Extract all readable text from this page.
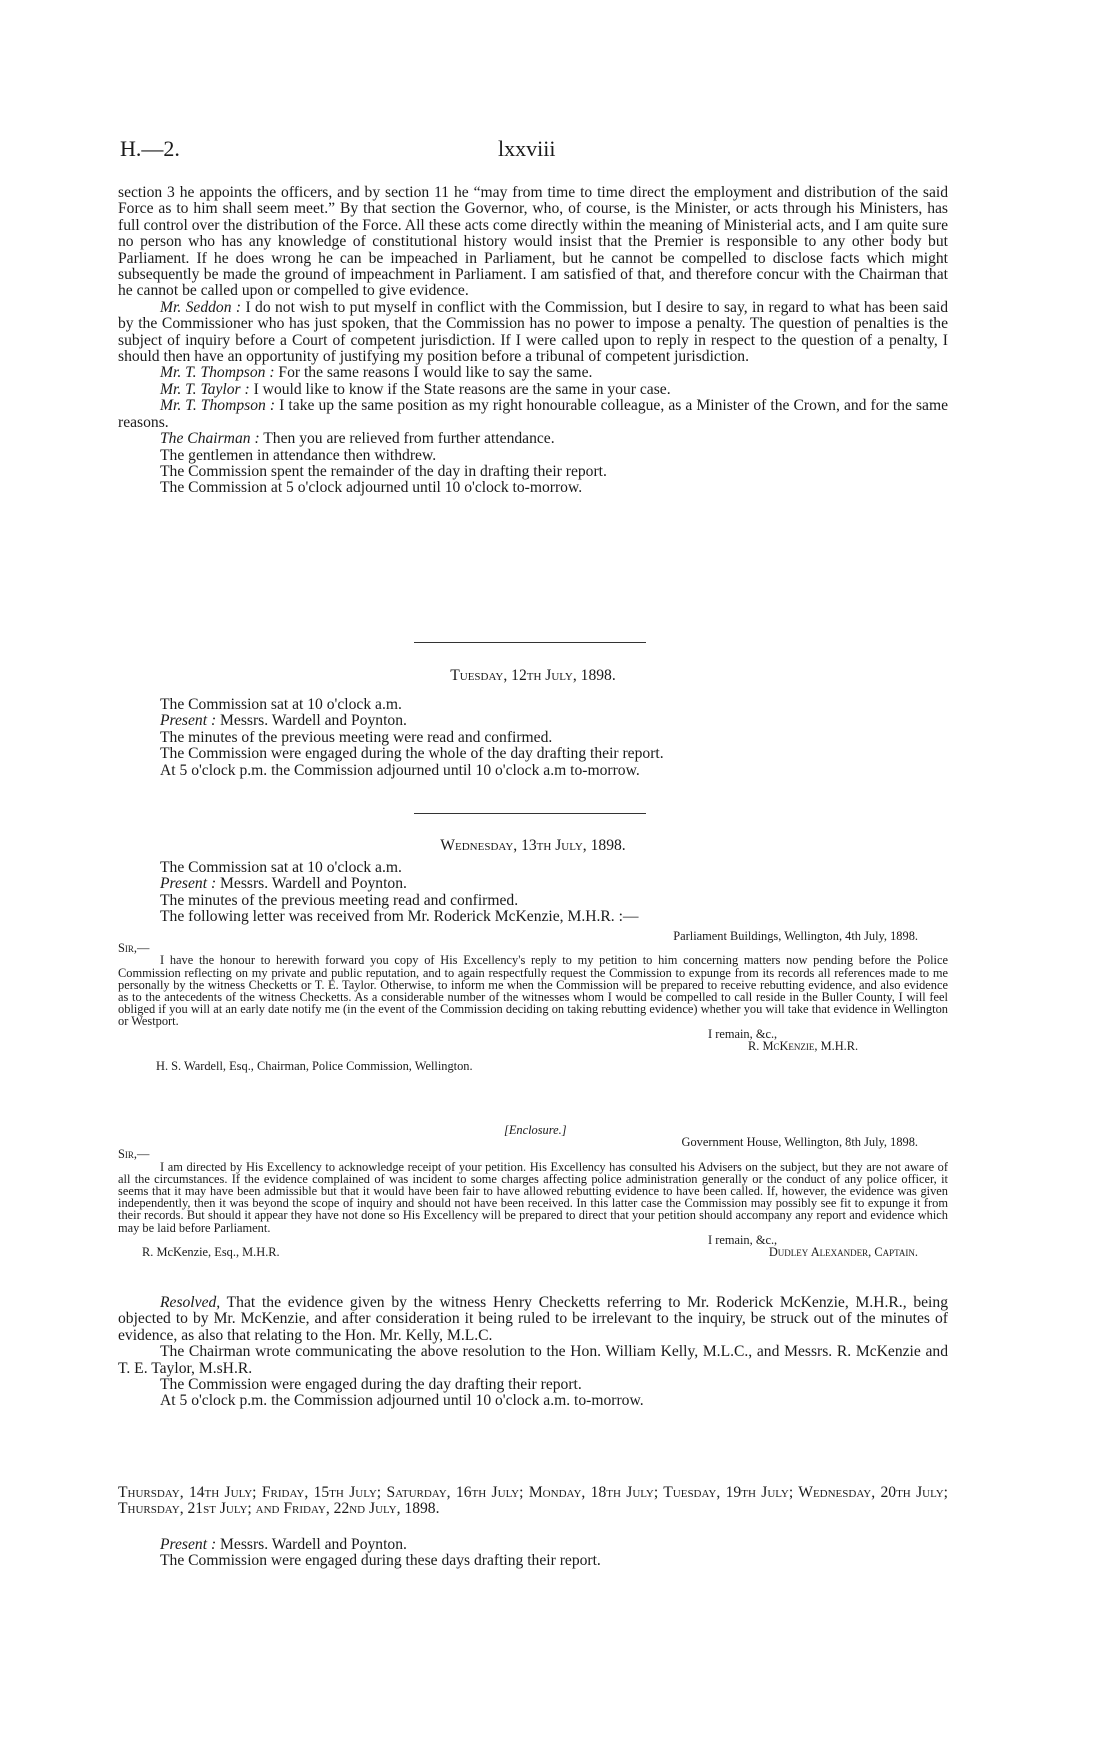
H.—2.	lxxviii

section 3 he appoints the officers, and by section 11 he “may from time to time direct the employment and distribution of the said Force as to him shall seem meet.” By that section the Governor, who, of course, is the Minister, or acts through his Ministers, has full control over the distribution of the Force. All these acts come directly within the meaning of Ministerial acts, and I am quite sure no person who has any knowledge of constitutional history would insist that the Premier is responsible to any other body but Parliament. If he does wrong he can be impeached in Parliament, but he cannot be compelled to disclose facts which might subsequently be made the ground of impeachment in Parliament. I am satisfied of that, and therefore concur with the Chairman that he cannot be called upon or compelled to give evidence.

Mr. Seddon : I do not wish to put myself in conflict with the Commission, but I desire to say, in regard to what has been said by the Commissioner who has just spoken, that the Commission has no power to impose a penalty. The question of penalties is the subject of inquiry before a Court of competent jurisdiction. If I were called upon to reply in respect to the question of a penalty, I should then have an opportunity of justifying my position before a tribunal of competent jurisdiction.

Mr. T. Thompson : For the same reasons I would like to say the same.

Mr. T. Taylor : I would like to know if the State reasons are the same in your case.

Mr. T. Thompson : I take up the same position as my right honourable colleague, as a Minister of the Crown, and for the same reasons.

The Chairman : Then you are relieved from further attendance.

The gentlemen in attendance then withdrew.

The Commission spent the remainder of the day in drafting their report.

The Commission at 5 o'clock adjourned until 10 o'clock to-morrow.

Tuesday, 12th July, 1898.

The Commission sat at 10 o'clock a.m.

Present : Messrs. Wardell and Poynton.

The minutes of the previous meeting were read and confirmed.

The Commission were engaged during the whole of the day drafting their report.

At 5 o'clock p.m. the Commission adjourned until 10 o'clock a.m to-morrow.

Wednesday, 13th July, 1898.

The Commission sat at 10 o'clock a.m.

Present : Messrs. Wardell and Poynton.

The minutes of the previous meeting read and confirmed.

The following letter was received from Mr. Roderick McKenzie, M.H.R. :—

Parliament Buildings, Wellington, 4th July, 1898.

Sir,—

I have the honour to herewith forward you copy of His Excellency's reply to my petition to him concerning matters now pending before the Police Commission reflecting on my private and public reputation, and to again respectfully request the Commission to expunge from its records all references made to me personally by the witness Checketts or T. E. Taylor. Otherwise, to inform me when the Commission will be prepared to receive rebutting evidence, and also evidence as to the antecedents of the witness Checketts. As a considerable number of the witnesses whom I would be compelled to call reside in the Buller County, I will feel obliged if you will at an early date notify me (in the event of the Commission deciding on taking rebutting evidence) whether you will take that evidence in Wellington or Westport.

I remain, &c.,

R. McKenzie, M.H.R.

H. S. Wardell, Esq., Chairman, Police Commission, Wellington.

[Enclosure.]

Government House, Wellington, 8th July, 1898.

Sir,—

I am directed by His Excellency to acknowledge receipt of your petition. His Excellency has consulted his Advisers on the subject, but they are not aware of all the circumstances. If the evidence complained of was incident to some charges affecting police administration generally or the conduct of any police officer, it seems that it may have been admissible but that it would have been fair to have allowed rebutting evidence to have been called. If, however, the evidence was given independently, then it was beyond the scope of inquiry and should not have been received. In this latter case the Commission may possibly see fit to expunge it from their records. But should it appear they have not done so His Excellency will be prepared to direct that your petition should accompany any report and evidence which may be laid before Parliament.

I remain, &c.,

R. McKenzie, Esq., M.H.R.	Dudley Alexander, Captain.

Resolved, That the evidence given by the witness Henry Checketts referring to Mr. Roderick McKenzie, M.H.R., being objected to by Mr. McKenzie, and after consideration it being ruled to be irrelevant to the inquiry, be struck out of the minutes of evidence, as also that relating to the Hon. Mr. Kelly, M.L.C.

The Chairman wrote communicating the above resolution to the Hon. William Kelly, M.L.C., and Messrs. R. McKenzie and T. E. Taylor, M.sH.R.

The Commission were engaged during the day drafting their report.

At 5 o'clock p.m. the Commission adjourned until 10 o'clock a.m. to-morrow.

Thursday, 14th July; Friday, 15th July; Saturday, 16th July; Monday, 18th July; Tuesday, 19th July; Wednesday, 20th July; Thursday, 21st July; and Friday, 22nd July, 1898.

Present : Messrs. Wardell and Poynton.

The Commission were engaged during these days drafting their report.
